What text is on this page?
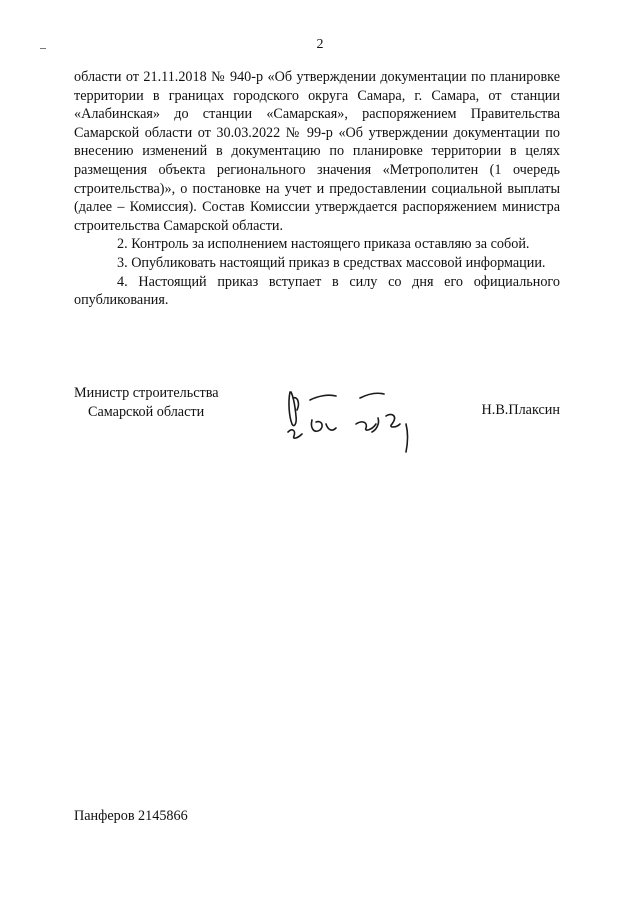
2

области от 21.11.2018 № 940-р «Об утверждении документации по планировке территории в границах городского округа Самара, г. Самара, от станции «Алабинская» до станции «Самарская», распоряжением Правительства Самарской области от 30.03.2022 № 99-р «Об утверждении документации по внесению изменений в документацию по планировке территории в целях размещения объекта регионального значения «Метрополитен (1 очередь строительства)», о постановке на учет и предоставлении социальной выплаты (далее – Комиссия). Состав Комиссии утверждается распоряжением министра строительства Самарской области.

2. Контроль за исполнением настоящего приказа оставляю за собой.

3. Опубликовать настоящий приказ в средствах массовой информации.

4. Настоящий приказ вступает в силу со дня его официального опубликования.

Министр строительства
Самарской области	Н.В.Плаксин
Панферов 2145866
